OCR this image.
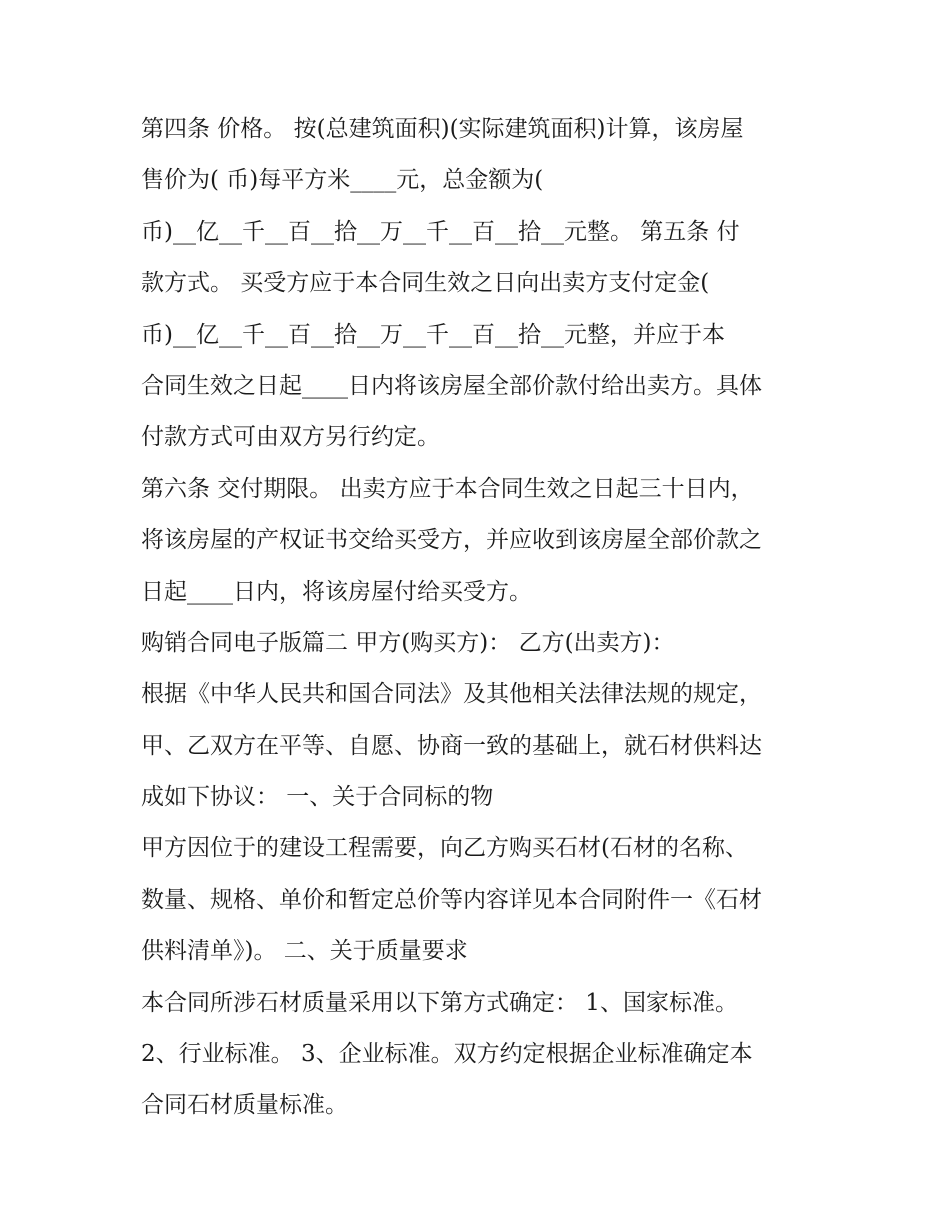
第四条 价格。 按(总建筑面积)(实际建筑面积)计算，该房屋
售价为( 币)每平方米____元，总金额为(
币)__亿__千__百__拾__万__千__百__拾__元整。 第五条 付
款方式。 买受方应于本合同生效之日向出卖方支付定金(
币)__亿__千__百__拾__万__千__百__拾__元整，并应于本
合同生效之日起____日内将该房屋全部价款付给出卖方。具体
付款方式可由双方另行约定。
第六条 交付期限。 出卖方应于本合同生效之日起三十日内，
将该房屋的产权证书交给买受方，并应收到该房屋全部价款之
日起____日内，将该房屋付给买受方。
购销合同电子版篇二 甲方(购买方)： 乙方(出卖方)：
根据《中华人民共和国合同法》及其他相关法律法规的规定，
甲、乙双方在平等、自愿、协商一致的基础上，就石材供料达
成如下协议： 一、关于合同标的物
甲方因位于的建设工程需要，向乙方购买石材(石材的名称、
数量、规格、单价和暂定总价等内容详见本合同附件一《石材
供料清单》)。 二、关于质量要求
本合同所涉石材质量采用以下第方式确定： 1、国家标准。
2、行业标准。 3、企业标准。双方约定根据企业标准确定本
合同石材质量标准。
